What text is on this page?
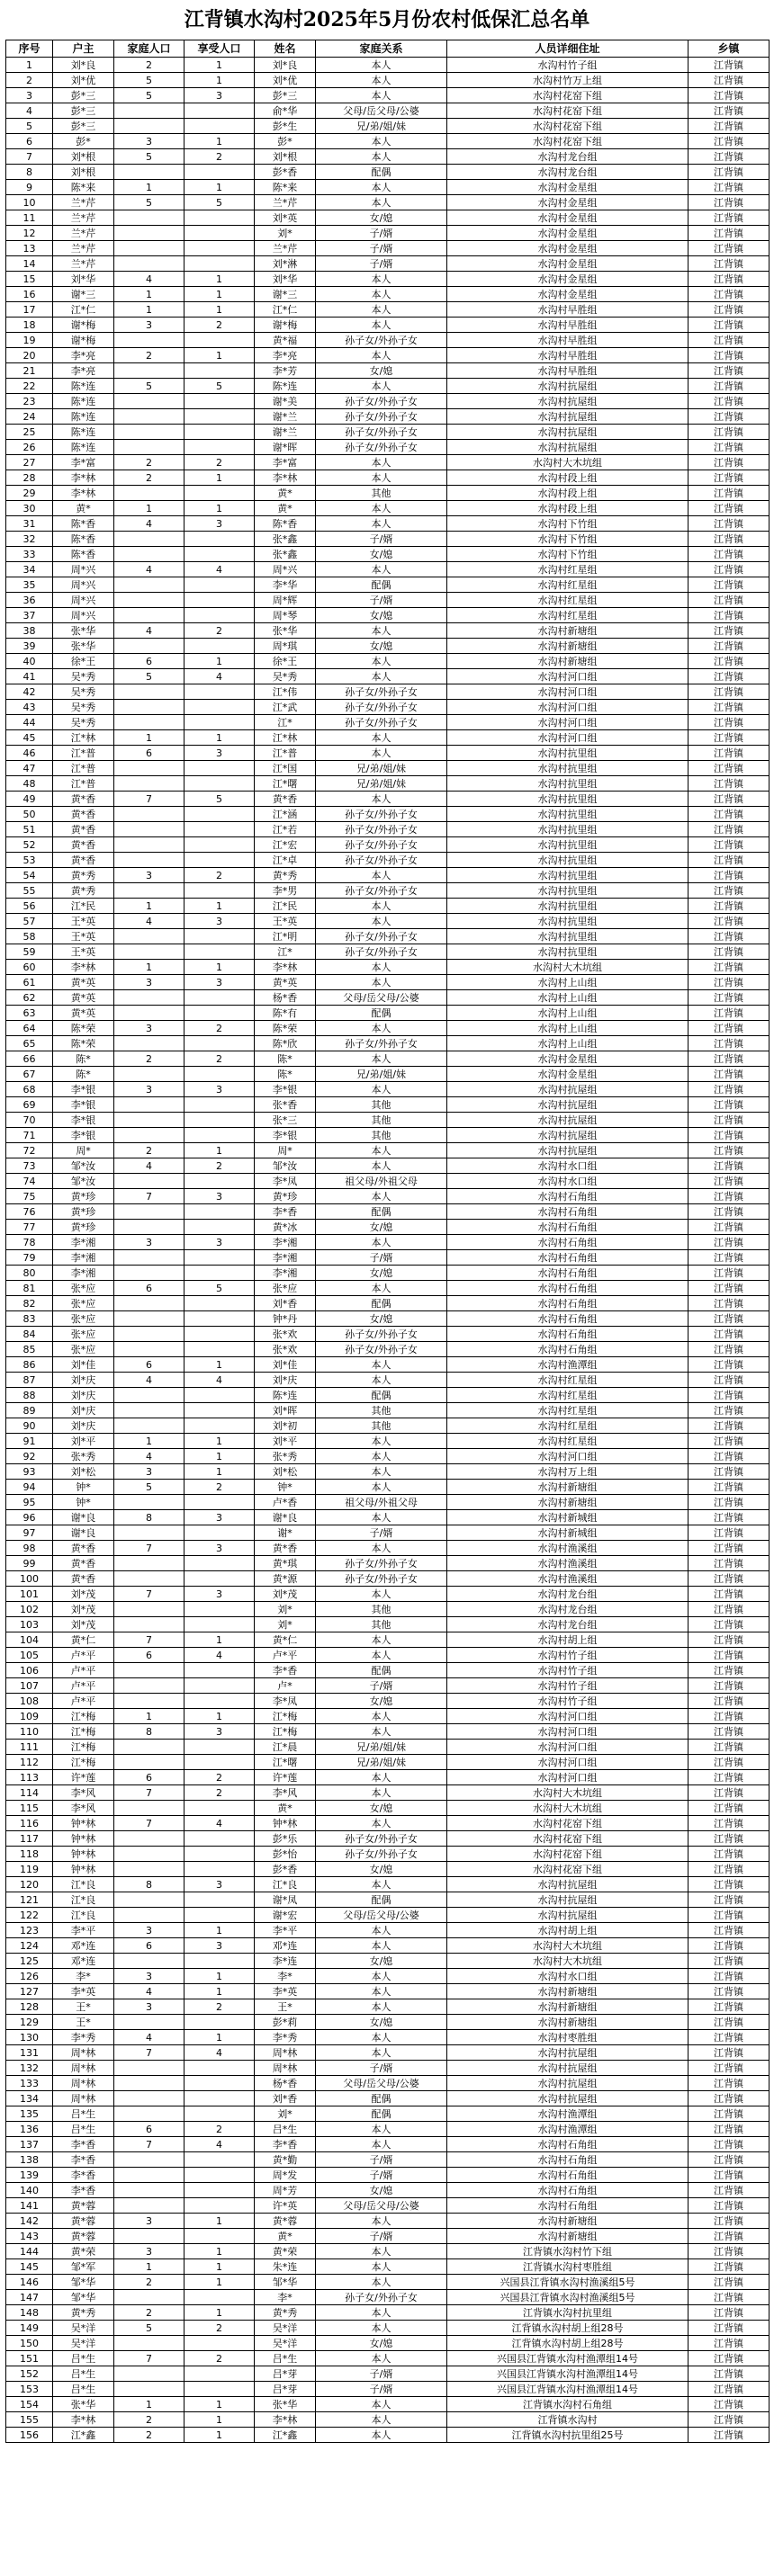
江背镇水沟村2025年5月份农村低保汇总名单
序号	户主	家庭人口	享受人口	姓名	家庭关系	人员详细住址	乡镇
1	刘*良	2	1	刘*良	本人	水沟村竹子组	江背镇
2	刘*优	5	1	刘*优	本人	水沟村竹万上组	江背镇
3	彭*三	5	3	彭*三	本人	水沟村花窑下组	江背镇
4	彭*三			俞*华	父母/岳父母/公婆	水沟村花窑下组	江背镇
5	彭*三			彭*生	兄/弟/姐/妹	水沟村花窑下组	江背镇
6	彭*	3	1	彭*	本人	水沟村花窑下组	江背镇
7	刘*根	5	2	刘*根	本人	水沟村龙台组	江背镇
8	刘*根			彭*香	配偶	水沟村龙台组	江背镇
9	陈*来	1	1	陈*来	本人	水沟村金星组	江背镇
10	兰*芹	5	5	兰*芹	本人	水沟村金星组	江背镇
11	兰*芹			刘*英	女/媳	水沟村金星组	江背镇
12	兰*芹			刘*	子/婿	水沟村金星组	江背镇
13	兰*芹			兰*芹	子/婿	水沟村金星组	江背镇
14	兰*芹			刘*淋	子/婿	水沟村金星组	江背镇
15	刘*华	4	1	刘*华	本人	水沟村金星组	江背镇
16	谢*三	1	1	谢*三	本人	水沟村金星组	江背镇
17	江*仁	1	1	江*仁	本人	水沟村早胜组	江背镇
18	谢*梅	3	2	谢*梅	本人	水沟村早胜组	江背镇
19	谢*梅			黄*福	孙子女/外孙子女	水沟村早胜组	江背镇
20	李*亮	2	1	李*亮	本人	水沟村早胜组	江背镇
21	李*亮			李*芳	女/媳	水沟村早胜组	江背镇
22	陈*连	5	5	陈*连	本人	水沟村抗屋组	江背镇
23	陈*连			谢*美	孙子女/外孙子女	水沟村抗屋组	江背镇
24	陈*连			谢*兰	孙子女/外孙子女	水沟村抗屋组	江背镇
25	陈*连			谢*兰	孙子女/外孙子女	水沟村抗屋组	江背镇
26	陈*连			谢*晖	孙子女/外孙子女	水沟村抗屋组	江背镇
27	李*富	2	2	李*富	本人	水沟村大木坑组	江背镇
28	李*林	2	1	李*林	本人	水沟村段上组	江背镇
29	李*林			黄*	其他	水沟村段上组	江背镇
30	黄*	1	1	黄*	本人	水沟村段上组	江背镇
31	陈*香	4	3	陈*香	本人	水沟村下竹组	江背镇
32	陈*香			张*鑫	子/婿	水沟村下竹组	江背镇
33	陈*香			张*鑫	女/媳	水沟村下竹组	江背镇
34	周*兴	4	4	周*兴	本人	水沟村红星组	江背镇
35	周*兴			李*华	配偶	水沟村红星组	江背镇
36	周*兴			周*辉	子/婿	水沟村红星组	江背镇
37	周*兴			周*琴	女/媳	水沟村红星组	江背镇
38	张*华	4	2	张*华	本人	水沟村新塘组	江背镇
39	张*华			周*琪	女/媳	水沟村新塘组	江背镇
40	徐*王	6	1	徐*王	本人	水沟村新塘组	江背镇
41	吴*秀	5	4	吴*秀	本人	水沟村河口组	江背镇
42	吴*秀			江*伟	孙子女/外孙子女	水沟村河口组	江背镇
43	吴*秀			江*武	孙子女/外孙子女	水沟村河口组	江背镇
44	吴*秀			江*	孙子女/外孙子女	水沟村河口组	江背镇
45	江*林	1	1	江*林	本人	水沟村河口组	江背镇
46	江*普	6	3	江*普	本人	水沟村抗里组	江背镇
47	江*普			江*国	兄/弟/姐/妹	水沟村抗里组	江背镇
48	江*普			江*曙	兄/弟/姐/妹	水沟村抗里组	江背镇
49	黄*香	7	5	黄*香	本人	水沟村抗里组	江背镇
50	黄*香			江*涵	孙子女/外孙子女	水沟村抗里组	江背镇
51	黄*香			江*若	孙子女/外孙子女	水沟村抗里组	江背镇
52	黄*香			江*宏	孙子女/外孙子女	水沟村抗里组	江背镇
53	黄*香			江*卓	孙子女/外孙子女	水沟村抗里组	江背镇
54	黄*秀	3	2	黄*秀	本人	水沟村抗里组	江背镇
55	黄*秀			李*男	孙子女/外孙子女	水沟村抗里组	江背镇
56	江*民	1	1	江*民	本人	水沟村抗里组	江背镇
57	王*英	4	3	王*英	本人	水沟村抗里组	江背镇
58	王*英			江*明	孙子女/外孙子女	水沟村抗里组	江背镇
59	王*英			江*	孙子女/外孙子女	水沟村抗里组	江背镇
60	李*林	1	1	李*林	本人	水沟村大木坑组	江背镇
61	黄*英	3	3	黄*英	本人	水沟村上山组	江背镇
62	黄*英			杨*香	父母/岳父母/公婆	水沟村上山组	江背镇
63	黄*英			陈*有	配偶	水沟村上山组	江背镇
64	陈*荣	3	2	陈*荣	本人	水沟村上山组	江背镇
65	陈*荣			陈*欣	孙子女/外孙子女	水沟村上山组	江背镇
66	陈*	2	2	陈*	本人	水沟村金星组	江背镇
67	陈*			陈*	兄/弟/姐/妹	水沟村金星组	江背镇
68	李*银	3	3	李*银	本人	水沟村抗屋组	江背镇
69	李*银			张*香	其他	水沟村抗屋组	江背镇
70	李*银			张*三	其他	水沟村抗屋组	江背镇
71	李*银			李*银	其他	水沟村抗屋组	江背镇
72	周*	2	1	周*	本人	水沟村抗屋组	江背镇
73	邹*汝	4	2	邹*汝	本人	水沟村水口组	江背镇
74	邹*汝			李*凤	祖父母/外祖父母	水沟村水口组	江背镇
75	黄*珍	7	3	黄*珍	本人	水沟村石角组	江背镇
76	黄*珍			李*香	配偶	水沟村石角组	江背镇
77	黄*珍			黄*冰	女/媳	水沟村石角组	江背镇
78	李*湘	3	3	李*湘	本人	水沟村石角组	江背镇
79	李*湘			李*湘	子/婿	水沟村石角组	江背镇
80	李*湘			李*湘	女/媳	水沟村石角组	江背镇
81	张*应	6	5	张*应	本人	水沟村石角组	江背镇
82	张*应			刘*香	配偶	水沟村石角组	江背镇
83	张*应			钟*丹	女/媳	水沟村石角组	江背镇
84	张*应			张*欢	孙子女/外孙子女	水沟村石角组	江背镇
85	张*应			张*欢	孙子女/外孙子女	水沟村石角组	江背镇
86	刘*佳	6	1	刘*佳	本人	水沟村渔潭组	江背镇
87	刘*庆	4	4	刘*庆	本人	水沟村红星组	江背镇
88	刘*庆			陈*连	配偶	水沟村红星组	江背镇
89	刘*庆			刘*晖	其他	水沟村红星组	江背镇
90	刘*庆			刘*初	其他	水沟村红星组	江背镇
91	刘*平	1	1	刘*平	本人	水沟村红星组	江背镇
92	张*秀	4	1	张*秀	本人	水沟村河口组	江背镇
93	刘*松	3	1	刘*松	本人	水沟村万上组	江背镇
94	钟*	5	2	钟*	本人	水沟村新塘组	江背镇
95	钟*			卢*香	祖父母/外祖父母	水沟村新塘组	江背镇
96	谢*良	8	3	谢*良	本人	水沟村新城组	江背镇
97	谢*良			谢*	子/婿	水沟村新城组	江背镇
98	黄*香	7	3	黄*香	本人	水沟村渔溪组	江背镇
99	黄*香			黄*琪	孙子女/外孙子女	水沟村渔溪组	江背镇
100	黄*香			黄*源	孙子女/外孙子女	水沟村渔溪组	江背镇
101	刘*茂	7	3	刘*茂	本人	水沟村龙台组	江背镇
102	刘*茂			刘*	其他	水沟村龙台组	江背镇
103	刘*茂			刘*	其他	水沟村龙台组	江背镇
104	黄*仁	7	1	黄*仁	本人	水沟村胡上组	江背镇
105	卢*平	6	4	卢*平	本人	水沟村竹子组	江背镇
106	卢*平			李*香	配偶	水沟村竹子组	江背镇
107	卢*平			卢*	子/婿	水沟村竹子组	江背镇
108	卢*平			李*凤	女/媳	水沟村竹子组	江背镇
109	江*梅	1	1	江*梅	本人	水沟村河口组	江背镇
110	江*梅	8	3	江*梅	本人	水沟村河口组	江背镇
111	江*梅			江*晨	兄/弟/姐/妹	水沟村河口组	江背镇
112	江*梅			江*曙	兄/弟/姐/妹	水沟村河口组	江背镇
113	许*莲	6	2	许*莲	本人	水沟村河口组	江背镇
114	李*风	7	2	李*风	本人	水沟村大木坑组	江背镇
115	李*风			黄*	女/媳	水沟村大木坑组	江背镇
116	钟*林	7	4	钟*林	本人	水沟村花窑下组	江背镇
117	钟*林			彭*乐	孙子女/外孙子女	水沟村花窑下组	江背镇
118	钟*林			彭*怡	孙子女/外孙子女	水沟村花窑下组	江背镇
119	钟*林			彭*香	女/媳	水沟村花窑下组	江背镇
120	江*良	8	3	江*良	本人	水沟村抗屋组	江背镇
121	江*良			谢*凤	配偶	水沟村抗屋组	江背镇
122	江*良			谢*宏	父母/岳父母/公婆	水沟村抗屋组	江背镇
123	李*平	3	1	李*平	本人	水沟村胡上组	江背镇
124	邓*连	6	3	邓*连	本人	水沟村大木坑组	江背镇
125	邓*连			李*连	女/媳	水沟村大木坑组	江背镇
126	李*	3	1	李*	本人	水沟村水口组	江背镇
127	李*英	4	1	李*英	本人	水沟村新塘组	江背镇
128	王*	3	2	王*	本人	水沟村新塘组	江背镇
129	王*			彭*莉	女/媳	水沟村新塘组	江背镇
130	李*秀	4	1	李*秀	本人	水沟村枣胜组	江背镇
131	周*林	7	4	周*林	本人	水沟村抗屋组	江背镇
132	周*林			周*林	子/婿	水沟村抗屋组	江背镇
133	周*林			杨*香	父母/岳父母/公婆	水沟村抗屋组	江背镇
134	周*林			刘*香	配偶	水沟村抗屋组	江背镇
135	吕*生			刘*	配偶	水沟村渔潭组	江背镇
136	吕*生	6	2	吕*生	本人	水沟村渔潭组	江背镇
137	李*香	7	4	李*香	本人	水沟村石角组	江背镇
138	李*香			黄*勤	子/婿	水沟村石角组	江背镇
139	李*香			周*发	子/婿	水沟村石角组	江背镇
140	李*香			周*芳	女/媳	水沟村石角组	江背镇
141	黄*蓉			许*英	父母/岳父母/公婆	水沟村石角组	江背镇
142	黄*蓉	3	1	黄*蓉	本人	水沟村新塘组	江背镇
143	黄*蓉			黄*	子/婿	水沟村新塘组	江背镇
144	黄*荣	3	1	黄*荣	本人	江背镇水沟村竹下组	江背镇
145	邹*军	1	1	朱*连	本人	江背镇水沟村枣胜组	江背镇
146	邹*华	2	1	邹*华	本人	兴国县江背镇水沟村渔溪组5号	江背镇
147	邹*华			李*	孙子女/外孙子女	兴国县江背镇水沟村渔溪组5号	江背镇
148	黄*秀	2	1	黄*秀	本人	江背镇水沟村抗里组	江背镇
149	吴*洋	5	2	吴*洋	本人	江背镇水沟村胡上组28号	江背镇
150	吴*洋			吴*洋	女/媳	江背镇水沟村胡上组28号	江背镇
151	吕*生	7	2	吕*生	本人	兴国县江背镇水沟村渔潭组14号	江背镇
152	吕*生			吕*芽	子/婿	兴国县江背镇水沟村渔潭组14号	江背镇
153	吕*生			吕*芽	子/婿	兴国县江背镇水沟村渔潭组14号	江背镇
154	张*华	1	1	张*华	本人	江背镇水沟村石角组	江背镇
155	李*林	2	1	李*林	本人	江背镇水沟村	江背镇
156	江*鑫	2	1	江*鑫	本人	江背镇水沟村抗里组25号	江背镇
